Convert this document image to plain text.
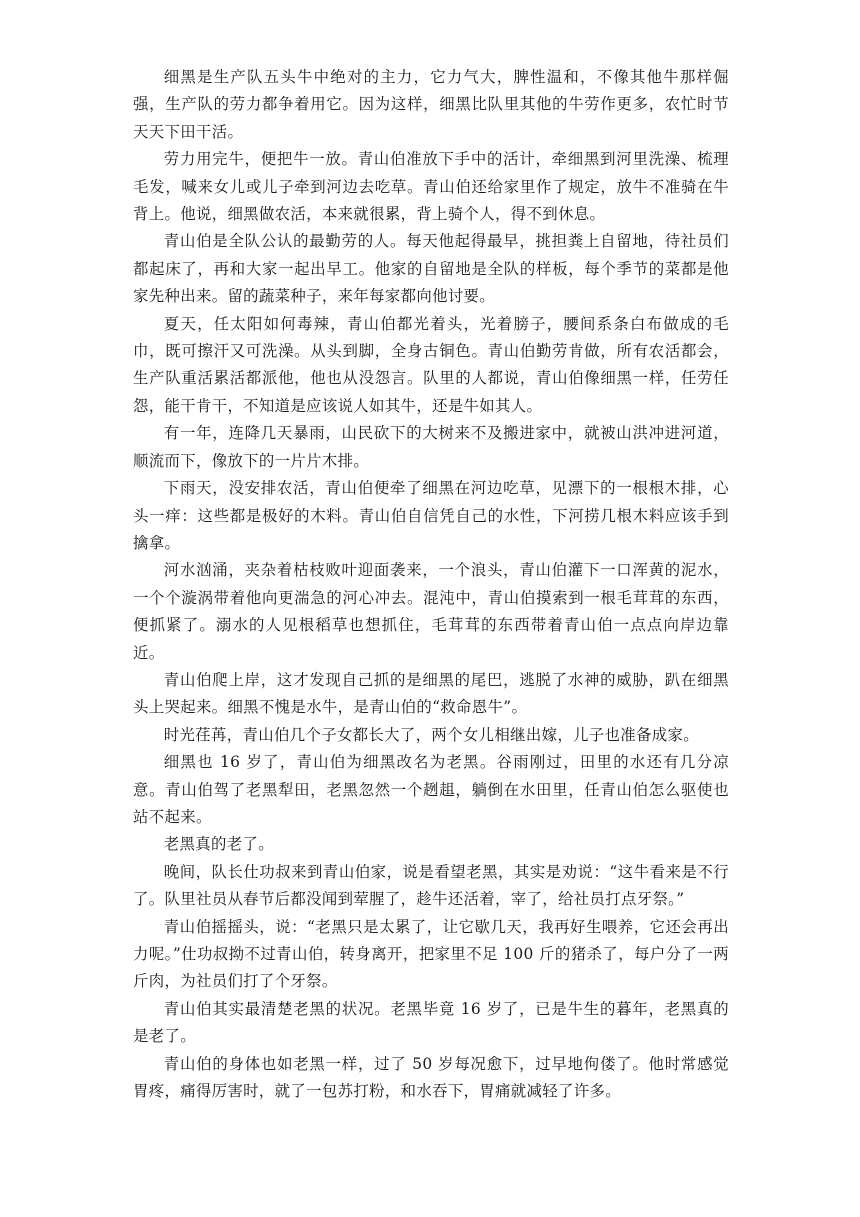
细黑是生产队五头牛中绝对的主力，它力气大，脾性温和，不像其他牛那样倔强，生产队的劳力都争着用它。因为这样，细黑比队里其他的牛劳作更多，农忙时节天天下田干活。

劳力用完牛，便把牛一放。青山伯准放下手中的活计，牵细黑到河里洗澡、梳理毛发，喊来女儿或儿子牵到河边去吃草。青山伯还给家里作了规定，放牛不准骑在牛背上。他说，细黑做农活，本来就很累，背上骑个人，得不到休息。

青山伯是全队公认的最勤劳的人。每天他起得最早，挑担粪上自留地，待社员们都起床了，再和大家一起出早工。他家的自留地是全队的样板，每个季节的菜都是他家先种出来。留的蔬菜种子，来年每家都向他讨要。

夏天，任太阳如何毒辣，青山伯都光着头，光着膀子，腰间系条白布做成的毛巾，既可擦汗又可洗澡。从头到脚，全身古铜色。青山伯勤劳肯做，所有农活都会，生产队重活累活都派他，他也从没怨言。队里的人都说，青山伯像细黑一样，任劳任怨，能干肯干，不知道是应该说人如其牛，还是牛如其人。

有一年，连降几天暴雨，山民砍下的大树来不及搬进家中，就被山洪冲进河道，顺流而下，像放下的一片片木排。

下雨天，没安排农活，青山伯便牵了细黑在河边吃草，见漂下的一根根木排，心头一痒：这些都是极好的木料。青山伯自信凭自己的水性，下河捞几根木料应该手到擒拿。

河水汹涌，夹杂着枯枝败叶迎面袭来，一个浪头，青山伯灌下一口浑黄的泥水，一个个漩涡带着他向更湍急的河心冲去。混沌中，青山伯摸索到一根毛茸茸的东西，便抓紧了。溺水的人见根稻草也想抓住，毛茸茸的东西带着青山伯一点点向岸边靠近。

青山伯爬上岸，这才发现自己抓的是细黑的尾巴，逃脱了水神的威胁，趴在细黑头上哭起来。细黑不愧是水牛，是青山伯的“救命恩牛”。

时光荏苒，青山伯几个子女都长大了，两个女儿相继出嫁，儿子也准备成家。

细黑也 16 岁了，青山伯为细黑改名为老黑。谷雨刚过，田里的水还有几分凉意。青山伯驾了老黑犁田，老黑忽然一个趔趄，躺倒在水田里，任青山伯怎么驱使也站不起来。

老黑真的老了。

晚间，队长仕功叔来到青山伯家，说是看望老黑，其实是劝说：“这牛看来是不行了。队里社员从春节后都没闻到荤腥了，趁牛还活着，宰了，给社员打点牙祭。”

青山伯摇摇头，说：“老黑只是太累了，让它歇几天，我再好生喂养，它还会再出力呢。”仕功叔拗不过青山伯，转身离开，把家里不足 100 斤的猪杀了，每户分了一两斤肉，为社员们打了个牙祭。

青山伯其实最清楚老黑的状况。老黑毕竟 16 岁了，已是牛生的暮年，老黑真的是老了。

青山伯的身体也如老黑一样，过了 50 岁每况愈下，过早地佝偻了。他时常感觉胃疼，痛得厉害时，就了一包苏打粉，和水吞下，胃痛就减轻了许多。
